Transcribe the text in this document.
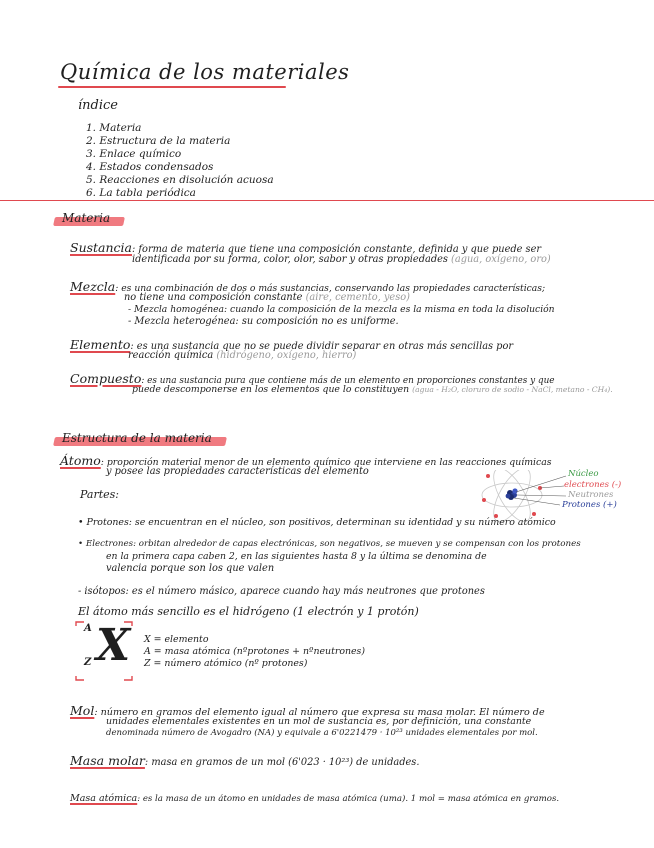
Química de los materiales
índice
1. Materia
2. Estructura de la materia
3. Enlace químico
4. Estados condensados
5. Reacciones en disolución acuosa
6. La tabla periódica
Materia
Sustancia: forma de materia que tiene una composición constante, definida y que puede ser
identificada por su forma, color, olor, sabor y otras propiedades (agua, oxígeno, oro)
Mezcla: es una combinación de dos o más sustancias, conservando las propiedades características;
no tiene una composición constante (aire, cemento, yeso)
- Mezcla homogénea: cuando la composición de la mezcla es la misma en toda la disolución
- Mezcla heterogénea: su composición no es uniforme.
Elemento: es una sustancia que no se puede dividir separar en otras más sencillas por
reacción química (hidrógeno, oxígeno, hierro)
Compuesto: es una sustancia pura que contiene más de un elemento en proporciones constantes y que
puede descomponerse en los elementos que lo constituyen (agua - H₂O, cloruro de sodio - NaCl, metano - CH₄).
Estructura de la materia
Átomo: proporción material menor de un elemento químico que interviene en las reacciones químicas
y posee las propiedades características del elemento
Partes:
Núcleo
electrones (-)
Neutrones
Protones (+)
• Protones: se encuentran en el núcleo, son positivos, determinan su identidad y su número atómico
• Electrones: orbitan alrededor de capas electrónicas, son negativos, se mueven y se compensan con los protones
en la primera capa caben 2, en las siguientes hasta 8 y la última se denomina de
valencia porque son los que valen
- isótopos: es el número másico, aparece cuando hay más neutrones que protones
El átomo más sencillo es el hidrógeno (1 electrón y 1 protón)
X
A
Z
X = elemento
A = masa atómica (nºprotones + nºneutrones)
Z = número atómico (nº protones)
Mol: número en gramos del elemento igual al número que expresa su masa molar. El número de
unidades elementales existentes en un mol de sustancia es, por definición, una constante
denominada número de Avogadro (NA) y equivale a 6'0221479 · 10²³ unidades elementales por mol.
Masa molar: masa en gramos de un mol (6'023 · 10²³) de unidades.
Masa atómica: es la masa de un átomo en unidades de masa atómica (uma). 1 mol = masa atómica en gramos.
